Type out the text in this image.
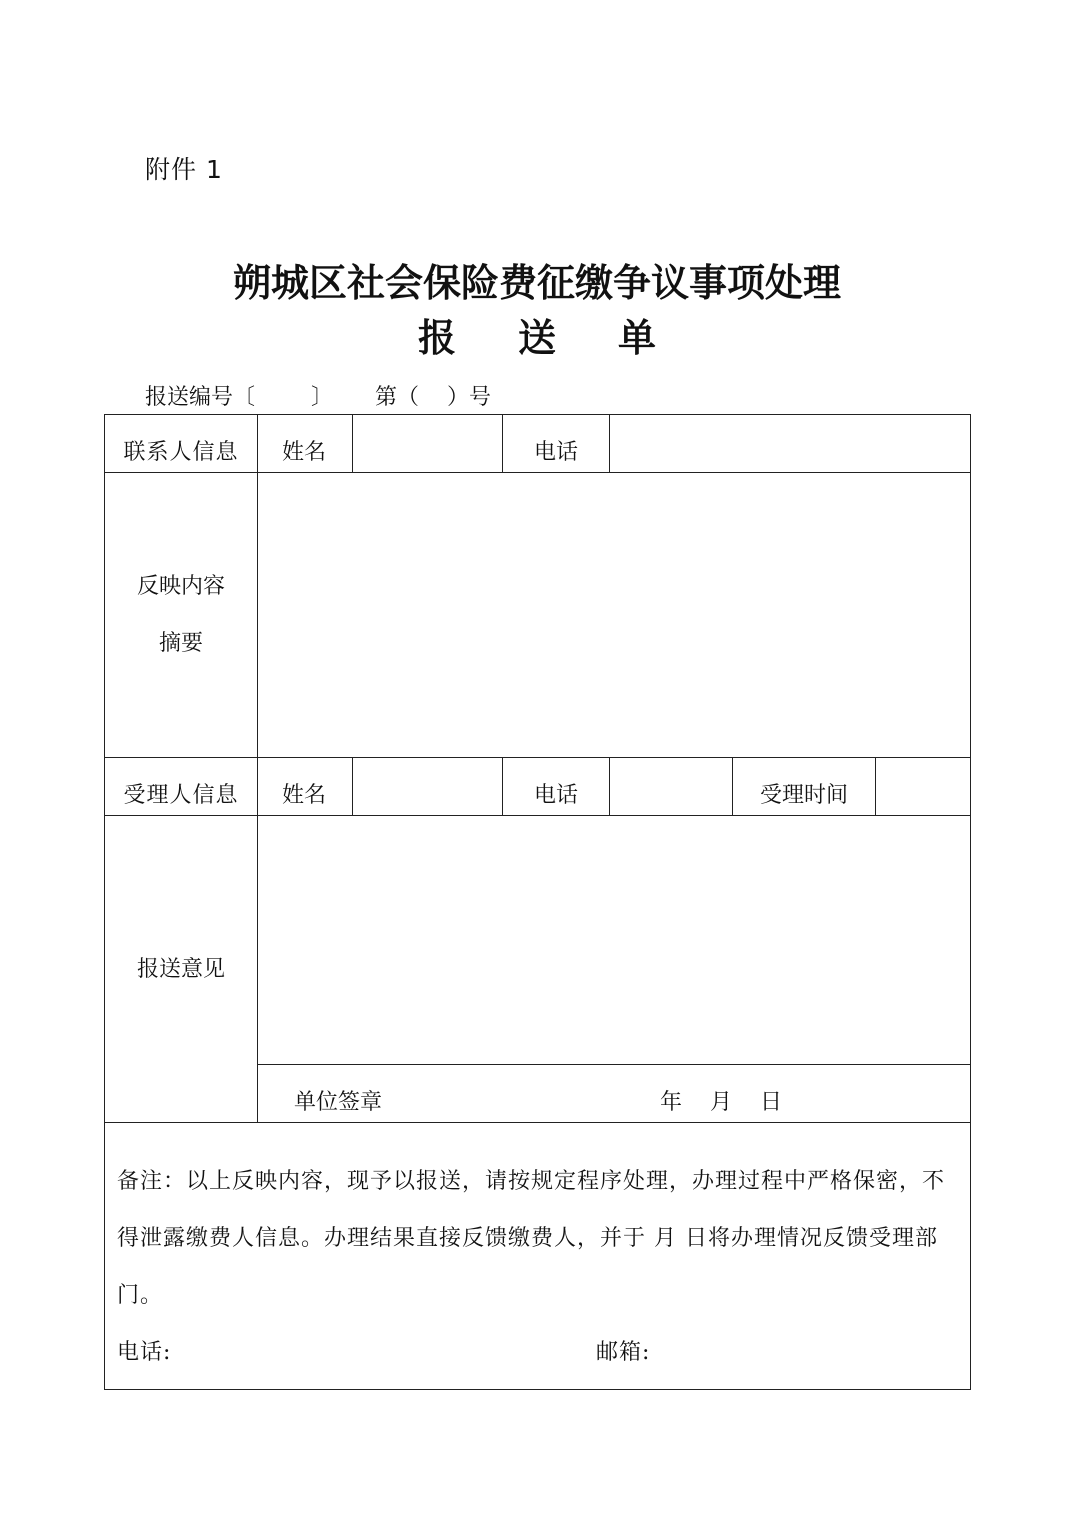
附件 1
朔城区社会保险费征缴争议事项处理
报送单
报送编号〔	〕 第（ ）号
联系人信息	姓名		电话			
反映内容
摘要						
受理人信息	姓名		电话		受理时间	
报送意见						
	单位签章 年    月    日					

备注：以上反映内容，现予以报送，请按规定程序处理，办理过程中严格保密，不得泄露缴费人信息。办理结果直接反馈缴费人，并于 月 日将办理情况反馈受理部门。
电话: 邮箱:						
